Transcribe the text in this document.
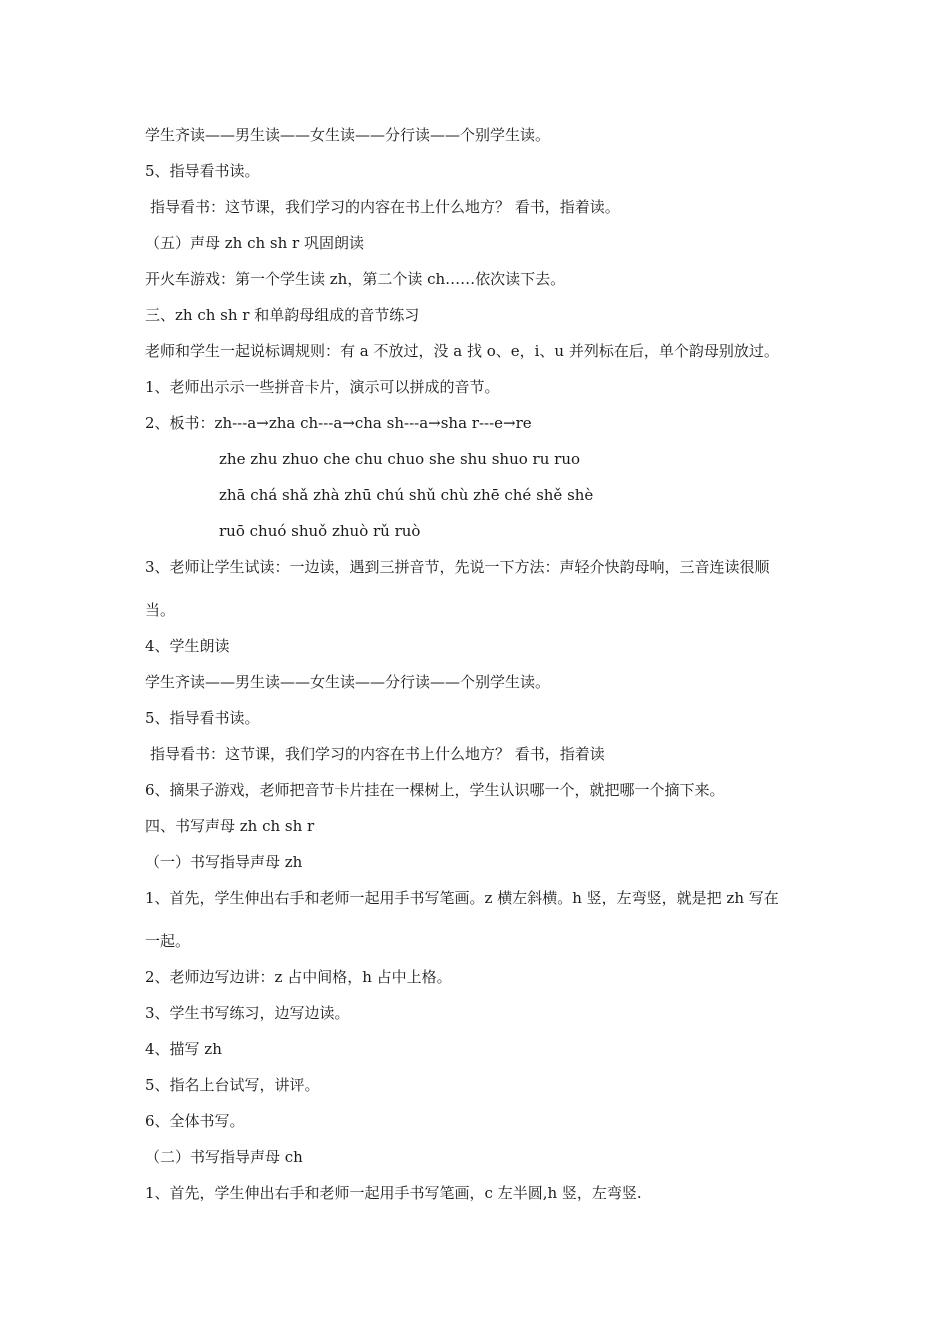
学生齐读——男生读——女生读——分行读——个别学生读。
5、指导看书读。
指导看书：这节课，我们学习的内容在书上什么地方？ 看书，指着读。
（五）声母 zh ch sh r 巩固朗读
开火车游戏：第一个学生读 zh，第二个读 ch……依次读下去。
三、zh ch sh r 和单韵母组成的音节练习
老师和学生一起说标调规则：有 a 不放过，没 a 找 o、e，i、u 并列标在后，单个韵母别放过。
1、老师出示示一些拼音卡片，演示可以拼成的音节。
2、板书：zh---a→zha ch---a→cha sh---a→sha r---e→re
zhe zhu zhuo che chu chuo she shu shuo ru ruo
zhā chá shǎ zhà zhū chú shǔ chù zhē ché shě shè
ruō chuó shuǒ zhuò rǔ ruò
3、老师让学生试读：一边读，遇到三拼音节，先说一下方法：声轻介快韵母响，三音连读很顺
当。
4、学生朗读
学生齐读——男生读——女生读——分行读——个别学生读。
5、指导看书读。
指导看书：这节课，我们学习的内容在书上什么地方？ 看书，指着读
6、摘果子游戏，老师把音节卡片挂在一棵树上，学生认识哪一个，就把哪一个摘下来。
四、书写声母 zh ch sh r
（一）书写指导声母 zh
1、首先，学生伸出右手和老师一起用手书写笔画。z 横左斜横。h 竖，左弯竖，就是把 zh 写在
一起。
2、老师边写边讲：z 占中间格，h 占中上格。
3、学生书写练习，边写边读。
4、描写 zh
5、指名上台试写，讲评。
6、全体书写。
（二）书写指导声母 ch
1、首先，学生伸出右手和老师一起用手书写笔画，c 左半圆,h 竖，左弯竖.
